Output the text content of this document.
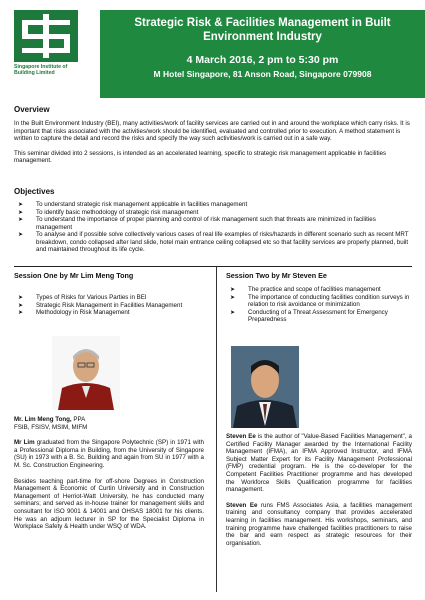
Singapore Institute of Building Limited
Strategic Risk & Facilities Management in Built Environment Industry
4 March 2016, 2 pm to 5:30 pm
M Hotel Singapore, 81 Anson Road, Singapore 079908
Overview

In the Built Environment Industry (BEI), many activities/work of facility services are carried out in and around the workplace which carry risks. It is important that risks associated with the activities/work should be identified, evaluated and controlled prior to execution. A method statement is written to capture the detail and record the risks and specify the way such activities/work is carried out in a safe way.

This seminar divided into 2 sessions, is intended as an accelerated learning, specific to strategic risk management applicable in facilities management.

Objectives
➤ To understand strategic risk management applicable in facilities management
➤ To identify basic methodology of strategic risk management
➤ To understand the importance of proper planning and control of risk management such that threats are minimized in facilities management
➤ To analyse and if possible solve collectively various cases of real life examples of risks/hazards in different scenario such as recent MRT breakdown, condo collapsed after land slide, hotel main entrance ceiling collapsed etc so that facility services are properly planned, built and maintained throughout its life cycle.
Session One by Mr Lim Meng Tong
➤ Types of Risks for Various Parties in BEI
➤ Strategic Risk Management in Facilities Management
➤ Methodology in Risk Management

Mr. Lim Meng Tong, PPA

FSIB, FSISV, MSIM, MIFM

Mr Lim graduated from the Singapore Polytechnic (SP) in 1971 with a Professional Diploma in Building, from the University of Singapore (SU) in 1973 with a B. Sc. Building and again from SU in 1977 with a M. Sc. Construction Engineering.

Besides teaching part-time for off-shore Degrees in Construction Management & Economic of Curtin University and in Construction Management of Herriot-Watt University, he has conducted many seminars; and served as in-house trainer for management skills and consultant for ISO 9001 & 14001 and OHSAS 18001 for his clients. He was an adjourn lecturer in SP for the Specialist Diploma in Workplace Safety & Health under WSQ of WDA.

Session Two by Mr Steven Ee
➤ The practice and scope of facilities management
➤ The importance of conducting facilities condition surveys in relation to risk avoidance or minimization
➤ Conducting of a Threat Assessment for Emergency Preparedness

Steven Ee is the author of "Value-Based Facilities Management", a Certified Facility Manager awarded by the International Facility Management (IFMA), an IFMA Approved Instructor, and IFMA Subject Matter Expert for its Facility Management Professional (FMP) credential program. He is the co-developer for the Competent Facilities Practitioner programme and has developed the Workforce Skills Qualification programme for facilities management.

Steven Ee runs FMS Associates Asia, a facilities management training and consultancy company that provides accelerated learning in facilities management. His workshops, seminars, and training programme have challenged facilities practitioners to raise the bar and earn respect as strategic resources for their organisation.
